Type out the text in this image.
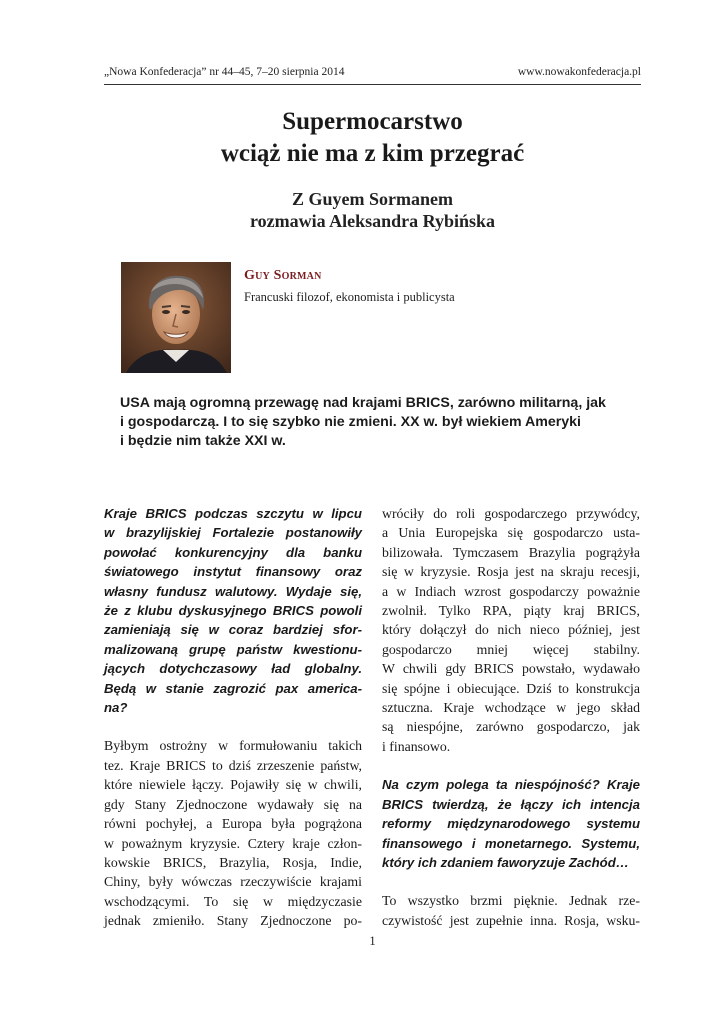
„Nowa Konfederacja” nr 44–45, 7–20 sierpnia 2014	www.nowakonfederacja.pl
Supermocarstwo
wciąż nie ma z kim przegrać
Z Guyem Sormanem
rozmawia Aleksandra Rybińska
Guy Sorman
Francuski filozof, ekonomista i publicysta
USA mają ogromną przewagę nad krajami BRICS, zarówno militarną, jak
i gospodarczą. I to się szybko nie zmieni. XX w. był wiekiem Ameryki
i będzie nim także XXI w.
Kraje BRICS podczas szczytu w lipcu
w brazylijskiej Fortalezie postanowiły
powołać konkurencyjny dla banku
światowego instytut finansowy oraz
własny fundusz walutowy. Wydaje się,
że z klubu dyskusyjnego BRICS powoli
zamieniają się w coraz bardziej sfor-
malizowaną grupę państw kwestionu-
jących dotychczasowy ład globalny.
Będą w stanie zagrozić pax america-
na?
Byłbym ostrożny w formułowaniu takich
tez. Kraje BRICS to dziś zrzeszenie państw,
które niewiele łączy. Pojawiły się w chwili,
gdy Stany Zjednoczone wydawały się na
równi pochyłej, a Europa była pogrążona
w poważnym kryzysie. Cztery kraje człon-
kowskie BRICS, Brazylia, Rosja, Indie,
Chiny, były wówczas rzeczywiście krajami
wschodzącymi. To się w międzyczasie
jednak zmieniło. Stany Zjednoczone po-
wróciły do roli gospodarczego przywódcy,
a Unia Europejska się gospodarczo usta-
bilizowała. Tymczasem Brazylia pogrążyła
się w kryzysie. Rosja jest na skraju recesji,
a w Indiach wzrost gospodarczy poważnie
zwolnił. Tylko RPA, piąty kraj BRICS,
który dołączył do nich nieco później, jest
gospodarczo mniej więcej stabilny.
W chwili gdy BRICS powstało, wydawało
się spójne i obiecujące. Dziś to konstrukcja
sztuczna. Kraje wchodzące w jego skład
są niespójne, zarówno gospodarczo, jak
i finansowo.
Na czym polega ta niespójność? Kraje
BRICS twierdzą, że łączy ich intencja
reformy międzynarodowego systemu
finansowego i monetarnego. Systemu,
który ich zdaniem faworyzuje Zachód…
To wszystko brzmi pięknie. Jednak rze-
czywistość jest zupełnie inna. Rosja, wsku-
1
